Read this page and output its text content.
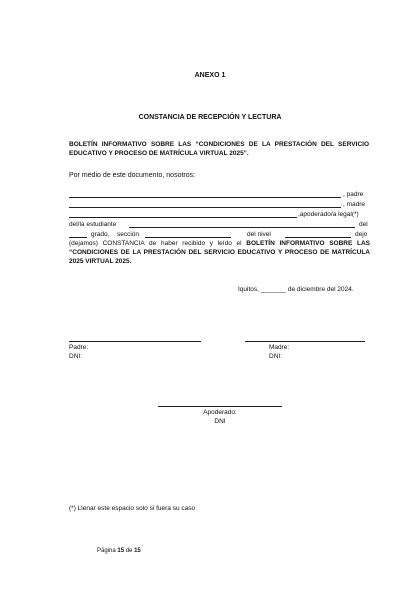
ANEXO 1
CONSTANCIA DE RECEPCIÓN Y LECTURA
BOLETÍN INFORMATIVO SOBRE LAS “CONDICIONES DE LA PRESTACIÓN DEL SERVICIO EDUCATIVO Y PROCESO DE MATRÍCULA VIRTUAL 2025”.
Por medio de este documento, nosotros:
, padre
, madre
,apoderado/a legal(*)
del/la estudiante	del
grado, sección	del nivel	dejo
(dejamos) CONSTANCIA de haber recibido y leído el BOLETÍN INFORMATIVO SOBRE LAS “CONDICIONES DE LA PRESTACIÓN DEL SERVICIO EDUCATIVO Y PROCESO DE MATRÍCULA 2025 VIRTUAL 2025.
Iquitos, _______ de diciembre del 2024.
Padre:
DNI:
Madre:
DNI:
Apoderado:
DNI
(*) Llenar este espacio solo si fuera su caso
Página 15 de 15
